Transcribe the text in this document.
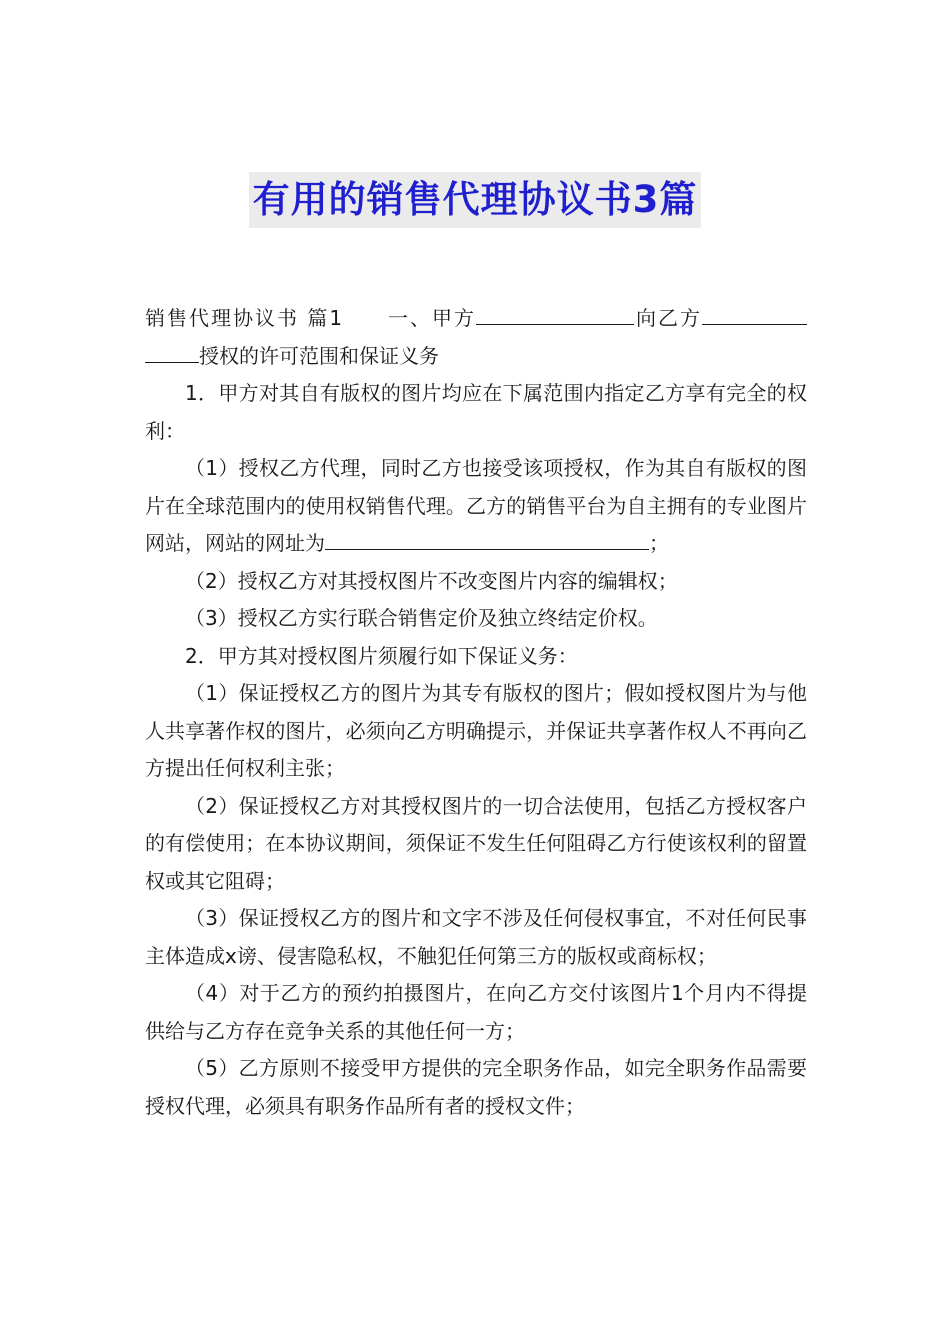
有用的销售代理协议书3篇

销售代理协议书 篇1　　一、甲方	向乙方授权的许可范围和保证义务

1．甲方对其自有版权的图片均应在下属范围内指定乙方享有完全的权利：

（1）授权乙方代理，同时乙方也接受该项授权，作为其自有版权的图片在全球范围内的使用权销售代理。乙方的销售平台为自主拥有的专业图片网站，网站的网址为	；

（2）授权乙方对其授权图片不改变图片内容的编辑权；

（3）授权乙方实行联合销售定价及独立终结定价权。

2．甲方其对授权图片须履行如下保证义务：

（1）保证授权乙方的图片为其专有版权的图片；假如授权图片为与他人共享著作权的图片，必须向乙方明确提示，并保证共享著作权人不再向乙方提出任何权利主张；

（2）保证授权乙方对其授权图片的一切合法使用，包括乙方授权客户的有偿使用；在本协议期间，须保证不发生任何阻碍乙方行使该权利的留置权或其它阻碍；

（3）保证授权乙方的图片和文字不涉及任何侵权事宜，不对任何民事主体造成x谤、侵害隐私权，不触犯任何第三方的版权或商标权；

（4）对于乙方的预约拍摄图片，在向乙方交付该图片1个月内不得提供给与乙方存在竞争关系的其他任何一方；

（5）乙方原则不接受甲方提供的完全职务作品，如完全职务作品需要授权代理，必须具有职务作品所有者的授权文件；
